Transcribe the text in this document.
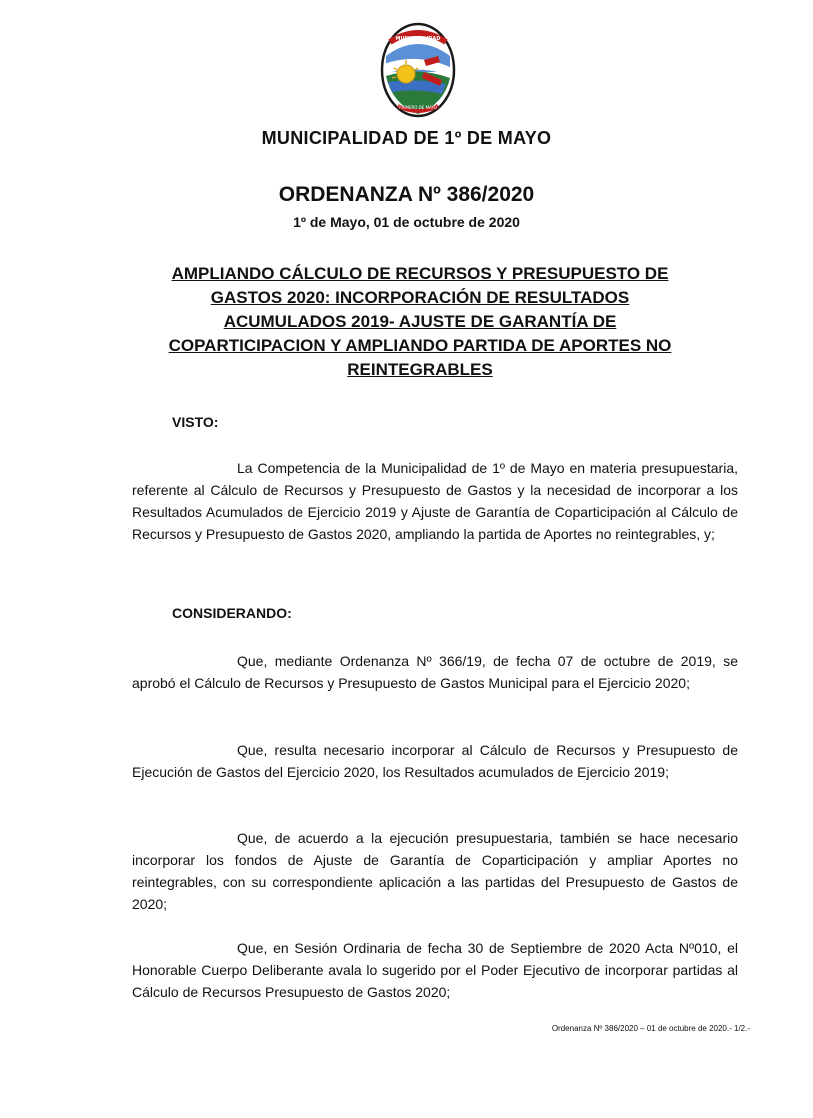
MUNICIPALIDAD
PRIMERO DE MAYO
MUNICIPALIDAD DE 1º DE MAYO
ORDENANZA Nº 386/2020
1º de Mayo, 01 de octubre de 2020
AMPLIANDO CÁLCULO DE RECURSOS Y PRESUPUESTO DE GASTOS 2020: INCORPORACIÓN DE RESULTADOS ACUMULADOS 2019- AJUSTE DE GARANTÍA DE COPARTICIPACION Y AMPLIANDO PARTIDA DE APORTES NO REINTEGRABLES
VISTO:

La Competencia de la Municipalidad de 1º de Mayo en materia presupuestaria, referente al Cálculo de Recursos y Presupuesto de Gastos y la necesidad de incorporar a los Resultados Acumulados de Ejercicio 2019 y Ajuste de Garantía de Coparticipación al Cálculo de Recursos y Presupuesto de Gastos 2020, ampliando la partida de Aportes no reintegrables, y;

CONSIDERANDO:

Que, mediante Ordenanza Nº 366/19, de fecha 07 de octubre de 2019, se aprobó el Cálculo de Recursos y Presupuesto de Gastos Municipal para el Ejercicio 2020;

Que, resulta necesario incorporar al Cálculo de Recursos y Presupuesto de Ejecución de Gastos del Ejercicio 2020, los Resultados acumulados de Ejercicio 2019;

Que, de acuerdo a la ejecución presupuestaria, también se hace necesario incorporar los fondos de Ajuste de Garantía de Coparticipación y ampliar Aportes no reintegrables, con su correspondiente aplicación a las partidas del Presupuesto de Gastos de 2020;

Que, en Sesión Ordinaria de fecha 30 de Septiembre de 2020 Acta Nº010, el Honorable Cuerpo Deliberante avala lo sugerido por el Poder Ejecutivo de incorporar partidas al Cálculo de Recursos Presupuesto de Gastos 2020;

Ordenanza Nº 386/2020 – 01 de octubre de 2020.- 1/2.-
